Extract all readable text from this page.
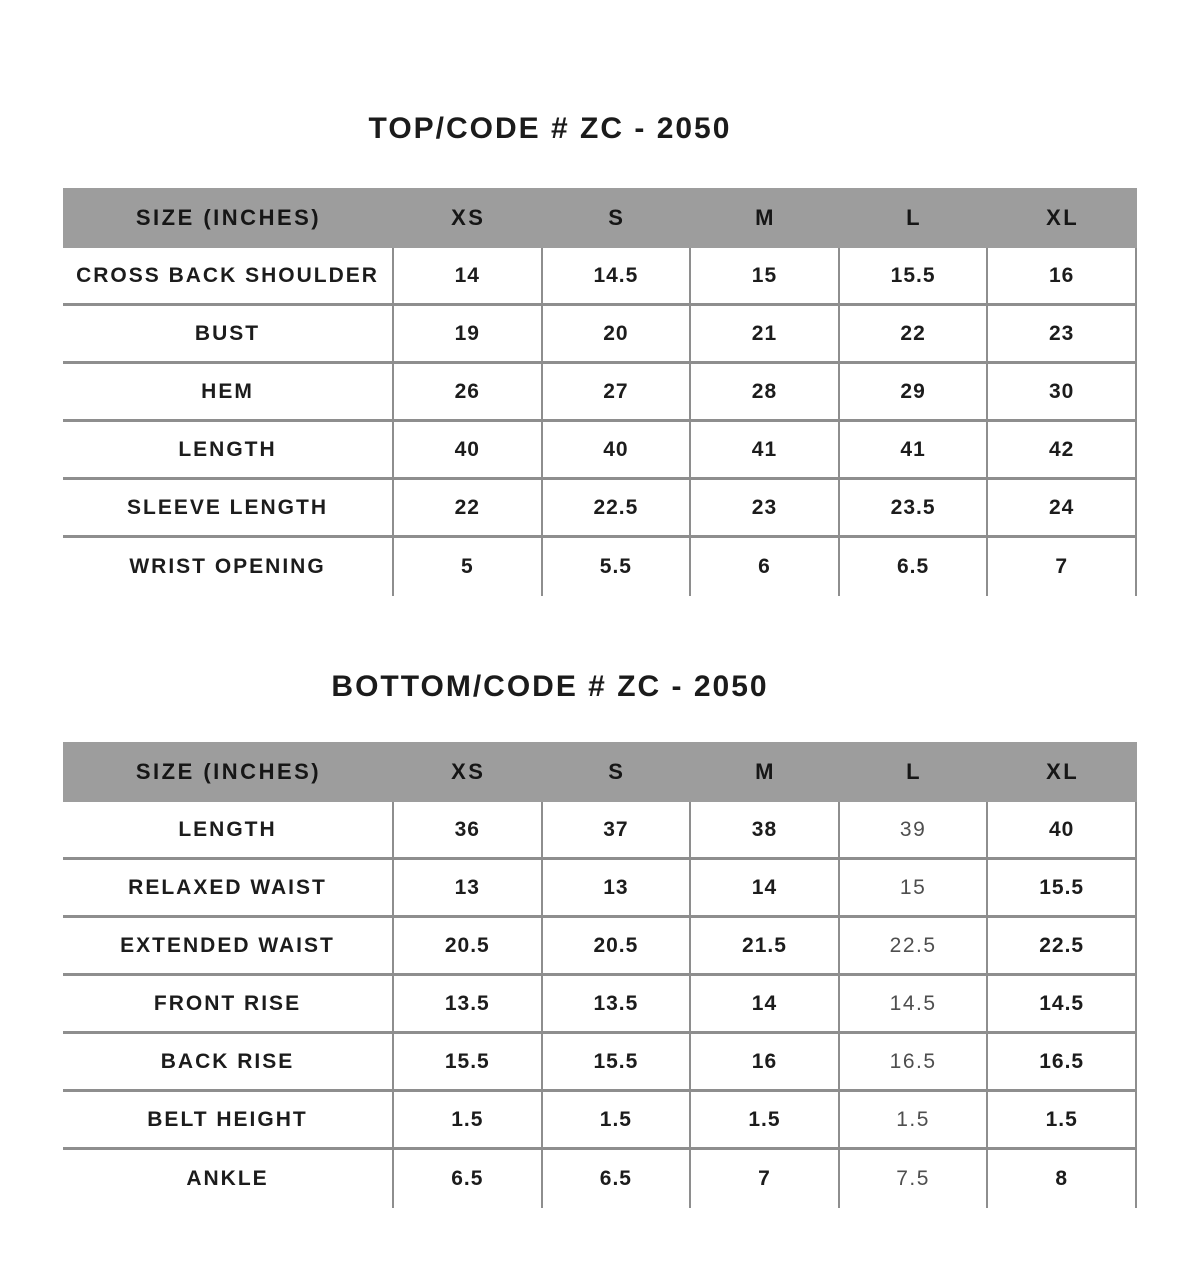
TOP/CODE # ZC - 2050
SIZE (INCHES)	XS	S	M	L	XL
CROSS BACK SHOULDER	14	14.5	15	15.5	16
BUST	19	20	21	22	23
HEM	26	27	28	29	30
LENGTH	40	40	41	41	42
SLEEVE LENGTH	22	22.5	23	23.5	24
WRIST OPENING	5	5.5	6	6.5	7
BOTTOM/CODE # ZC - 2050
SIZE (INCHES)	XS	S	M	L	XL
LENGTH	36	37	38	39	40
RELAXED WAIST	13	13	14	15	15.5
EXTENDED WAIST	20.5	20.5	21.5	22.5	22.5
FRONT RISE	13.5	13.5	14	14.5	14.5
BACK RISE	15.5	15.5	16	16.5	16.5
BELT HEIGHT	1.5	1.5	1.5	1.5	1.5
ANKLE	6.5	6.5	7	7.5	8
